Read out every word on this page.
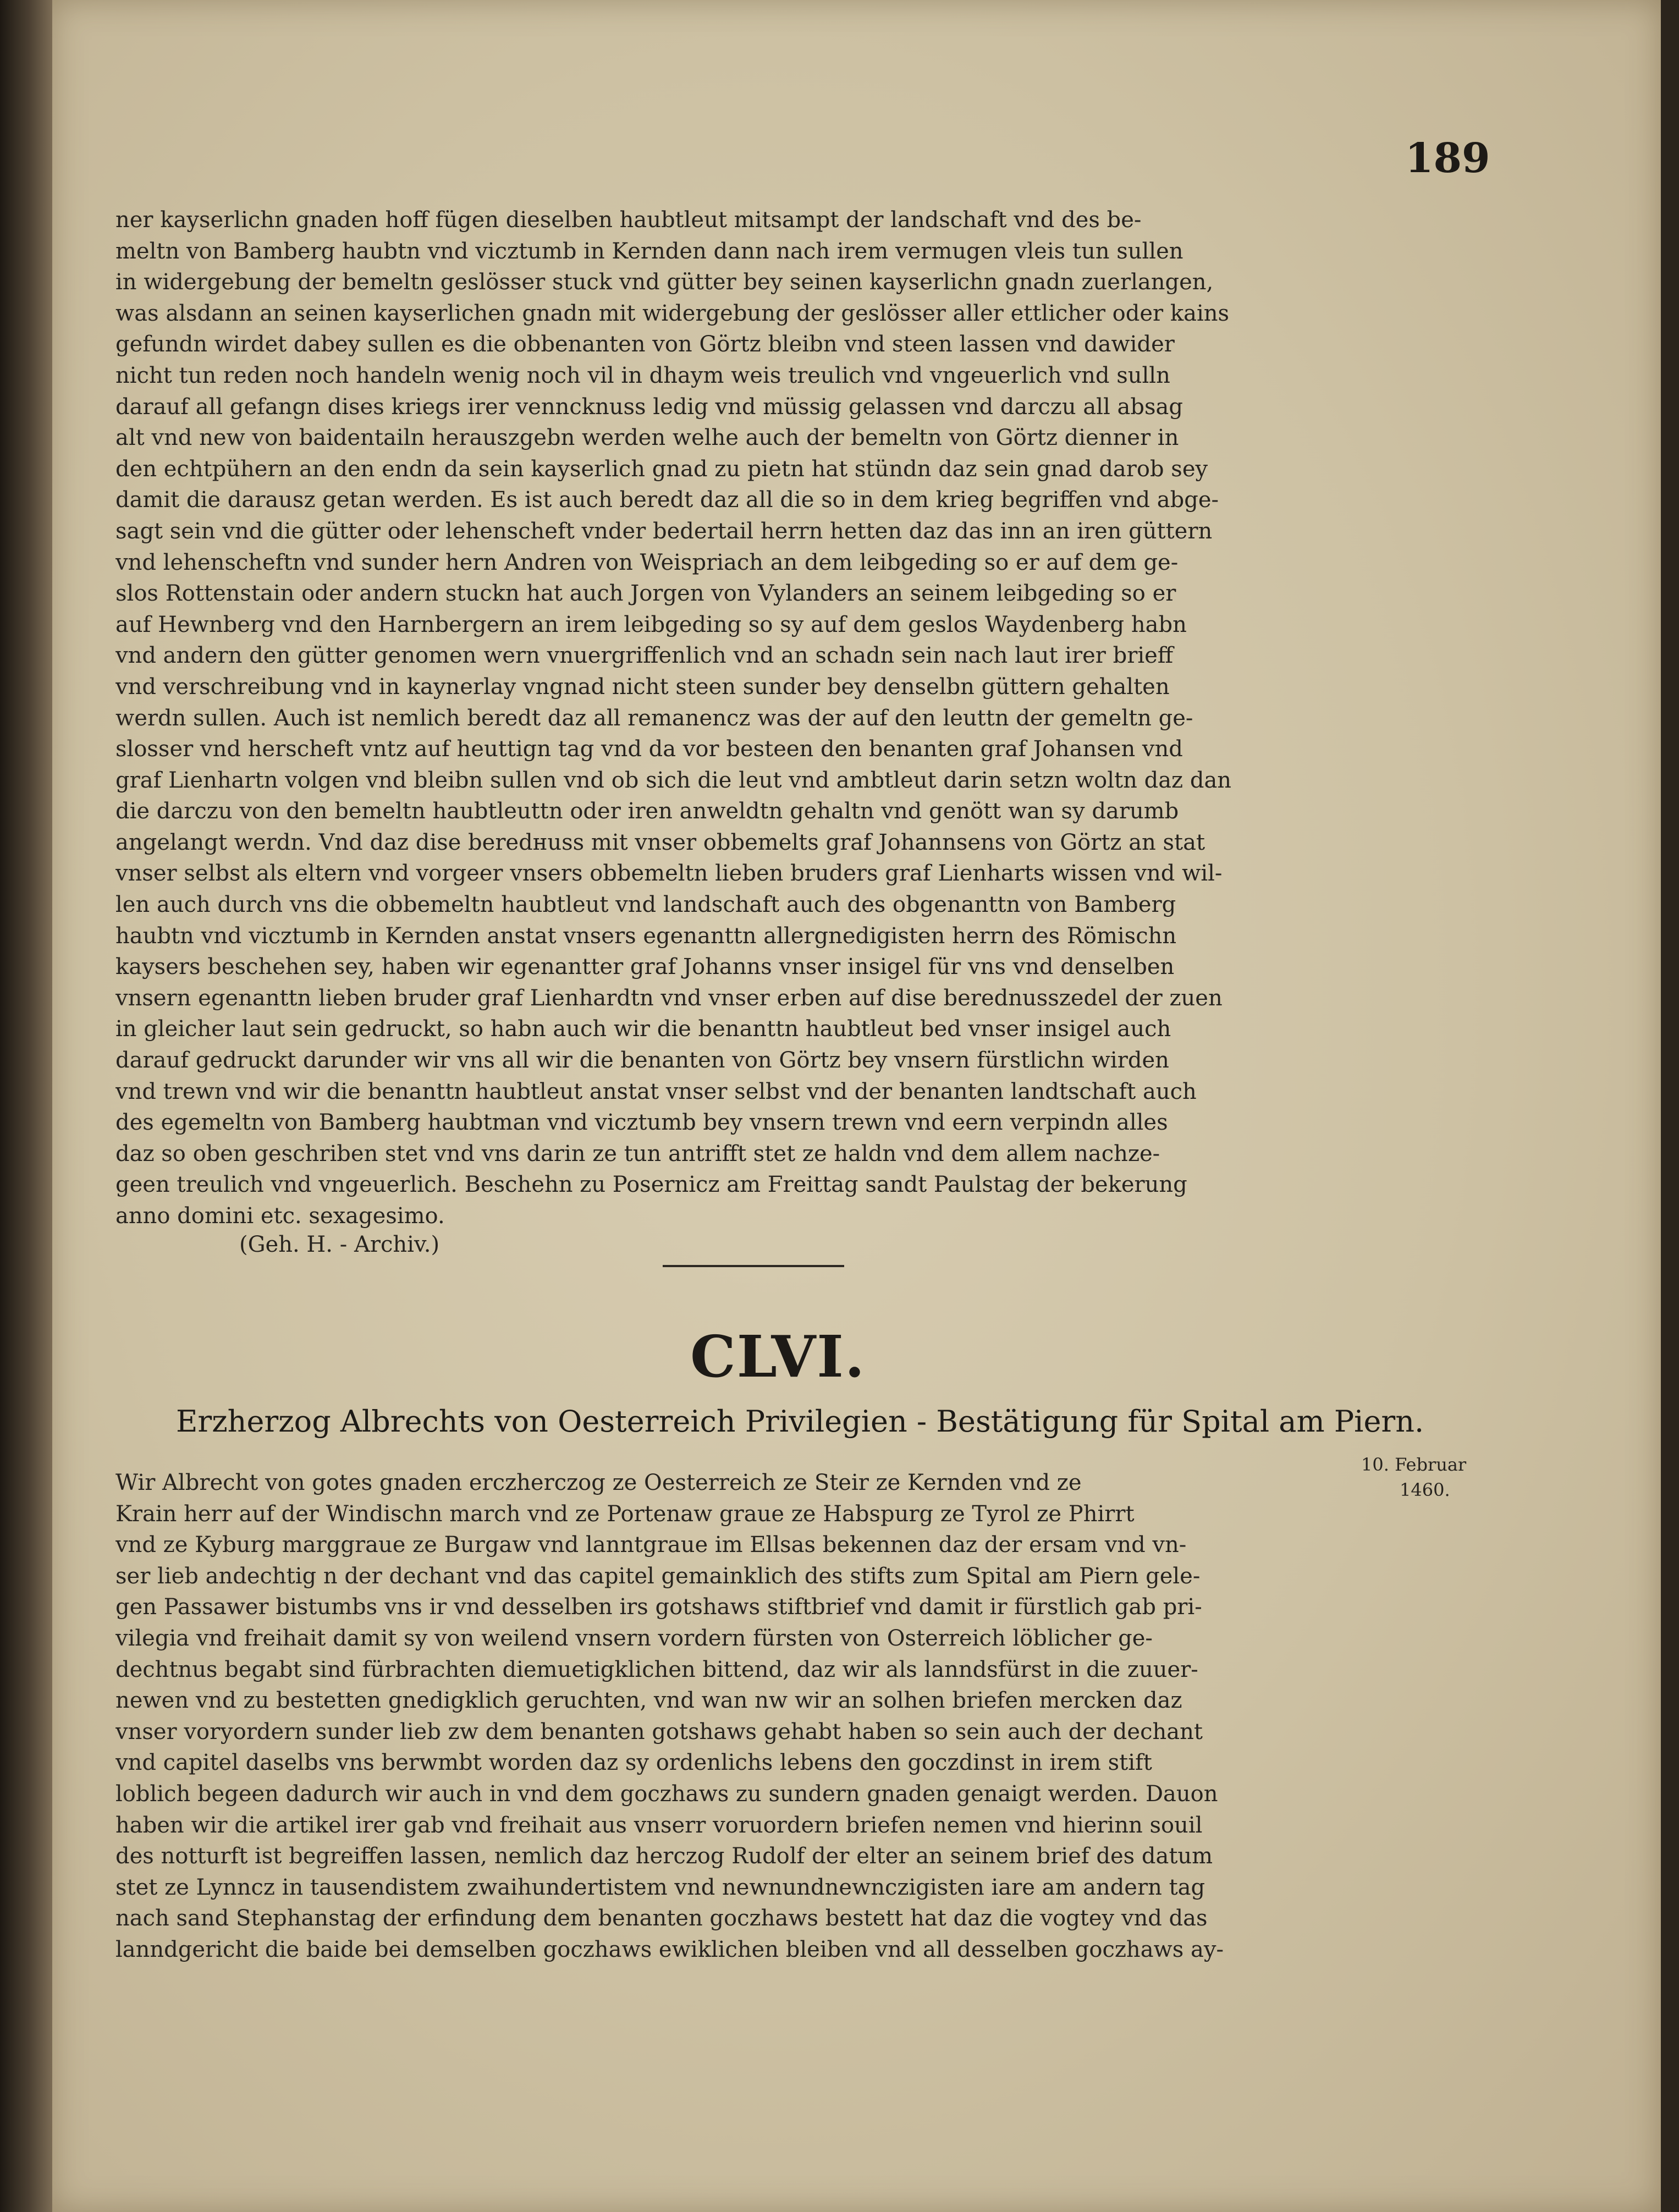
189
ner kayserlichn gnaden hoff fügen dieselben haubtleut mitsampt der landschaft vnd des be-
meltn von Bamberg haubtn vnd vicztumb in Kernden dann nach irem vermugen vleis tun sullen
in widergebung der bemeltn geslösser stuck vnd gütter bey seinen kayserlichn gnadn zuerlangen,
was alsdann an seinen kayserlichen gnadn mit widergebung der geslösser aller ettlicher oder kains
gefundn wirdet dabey sullen es die obbenanten von Görtz bleibn vnd steen lassen vnd dawider
nicht tun reden noch handeln wenig noch vil in dhaym weis treulich vnd vngeuerlich vnd sulln
darauf all gefangn dises kriegs irer venncknuss ledig vnd müssig gelassen vnd darczu all absag
alt vnd new von baidentailn herauszgebn werden welhe auch der bemeltn von Görtz dienner in
den echtpühern an den endn da sein kayserlich gnad zu pietn hat stündn daz sein gnad darob sey
damit die darausz getan werden. Es ist auch beredt daz all die so in dem krieg begriffen vnd abge-
sagt sein vnd die gütter oder lehenscheft vnder bedertail herrn hetten daz das inn an iren güttern
vnd lehenscheftn vnd sunder hern Andren von Weispriach an dem leibgeding so er auf dem ge-
slos Rottenstain oder andern stuckn hat auch Jorgen von Vylanders an seinem leibgeding so er
auf Hewnberg vnd den Harnbergern an irem leibgeding so sy auf dem geslos Waydenberg habn
vnd andern den gütter genomen wern vnuergriffenlich vnd an schadn sein nach laut irer brieff
vnd verschreibung vnd in kaynerlay vngnad nicht steen sunder bey denselbn güttern gehalten
werdn sullen. Auch ist nemlich beredt daz all remanencz was der auf den leuttn der gemeltn ge-
slosser vnd herscheft vntz auf heuttign tag vnd da vor besteen den benanten graf Johansen vnd
graf Lienhartn volgen vnd bleibn sullen vnd ob sich die leut vnd ambtleut darin setzn woltn daz dan
die darczu von den bemeltn haubtleuttn oder iren anweldtn gehaltn vnd genött wan sy darumb
angelangt werdn. Vnd daz dise beredнuss mit vnser obbemelts graf Johannsens von Görtz an stat
vnser selbst als eltern vnd vorgeer vnsers obbemeltn lieben bruders graf Lienharts wissen vnd wil-
len auch durch vns die obbemeltn haubtleut vnd landschaft auch des obgenanttn von Bamberg
haubtn vnd vicztumb in Kernden anstat vnsers egenanttn allergnedigisten herrn des Römischn
kaysers beschehen sey, haben wir egenantter graf Johanns vnser insigel für vns vnd denselben
vnsern egenanttn lieben bruder graf Lienhardtn vnd vnser erben auf dise berednusszedel der zuen
in gleicher laut sein gedruckt, so habn auch wir die benanttn haubtleut bed vnser insigel auch
darauf gedruckt darunder wir vns all wir die benanten von Görtz bey vnsern fürstlichn wirden
vnd trewn vnd wir die benanttn haubtleut anstat vnser selbst vnd der benanten landtschaft auch
des egemeltn von Bamberg haubtman vnd vicztumb bey vnsern trewn vnd eern verpindn alles
daz so oben geschriben stet vnd vns darin ze tun antrifft stet ze haldn vnd dem allem nachze-
geen treulich vnd vngeuerlich. Beschehn zu Posernicz am Freittag sandt Paulstag der bekerung
anno domini etc. sexagesimo.
(Geh. H. - Archiv.)
CLVI.
Erzherzog Albrechts von Oesterreich Privilegien - Bestätigung für Spital am Piern.
10. Februar
1460.
Wir Albrecht von gotes gnaden erczherczog ze Oesterreich ze Steir ze Kernden vnd ze
Krain herr auf der Windischn march vnd ze Portenaw graue ze Habspurg ze Tyrol ze Phirrt
vnd ze Kyburg marggraue ze Burgaw vnd lanntgraue im Ellsas bekennen daz der ersam vnd vn-
ser lieb andechtig n der dechant vnd das capitel gemainklich des stifts zum Spital am Piern gele-
gen Passawer bistumbs vns ir vnd desselben irs gotshaws stiftbrief vnd damit ir fürstlich gab pri-
vilegia vnd freihait damit sy von weilend vnsern vordern fürsten von Osterreich löblicher ge-
dechtnus begabt sind fürbrachten diemuetigklichen bittend, daz wir als lanndsfürst in die zuuer-
newen vnd zu bestetten gnedigklich geruchten, vnd wan nw wir an solhen briefen mercken daz
vnser vorуordern sunder lieb zw dem benanten gotshaws gehabt haben so sein auch der dechant
vnd capitel daselbs vns berwmbt worden daz sy ordenlichs lebens den goczdinst in irem stift
loblich begeen dadurch wir auch in vnd dem goczhaws zu sundern gnaden genaigt werden. Dauon
haben wir die artikel irer gab vnd freihait aus vnserr voruordern briefen nemen vnd hierinn souil
des notturft ist begreiffen lassen, nemlich daz herczog Rudolf der elter an seinem brief des datum
stet ze Lynncz in tausendistem zwaihundertistem vnd newnundnewnczigisten iare am andern tag
nach sand Stephanstag der erfindung dem benanten goczhaws bestett hat daz die vogtey vnd das
lanndgericht die baide bei demselben goczhaws ewiklichen bleiben vnd all desselben goczhaws ay-
